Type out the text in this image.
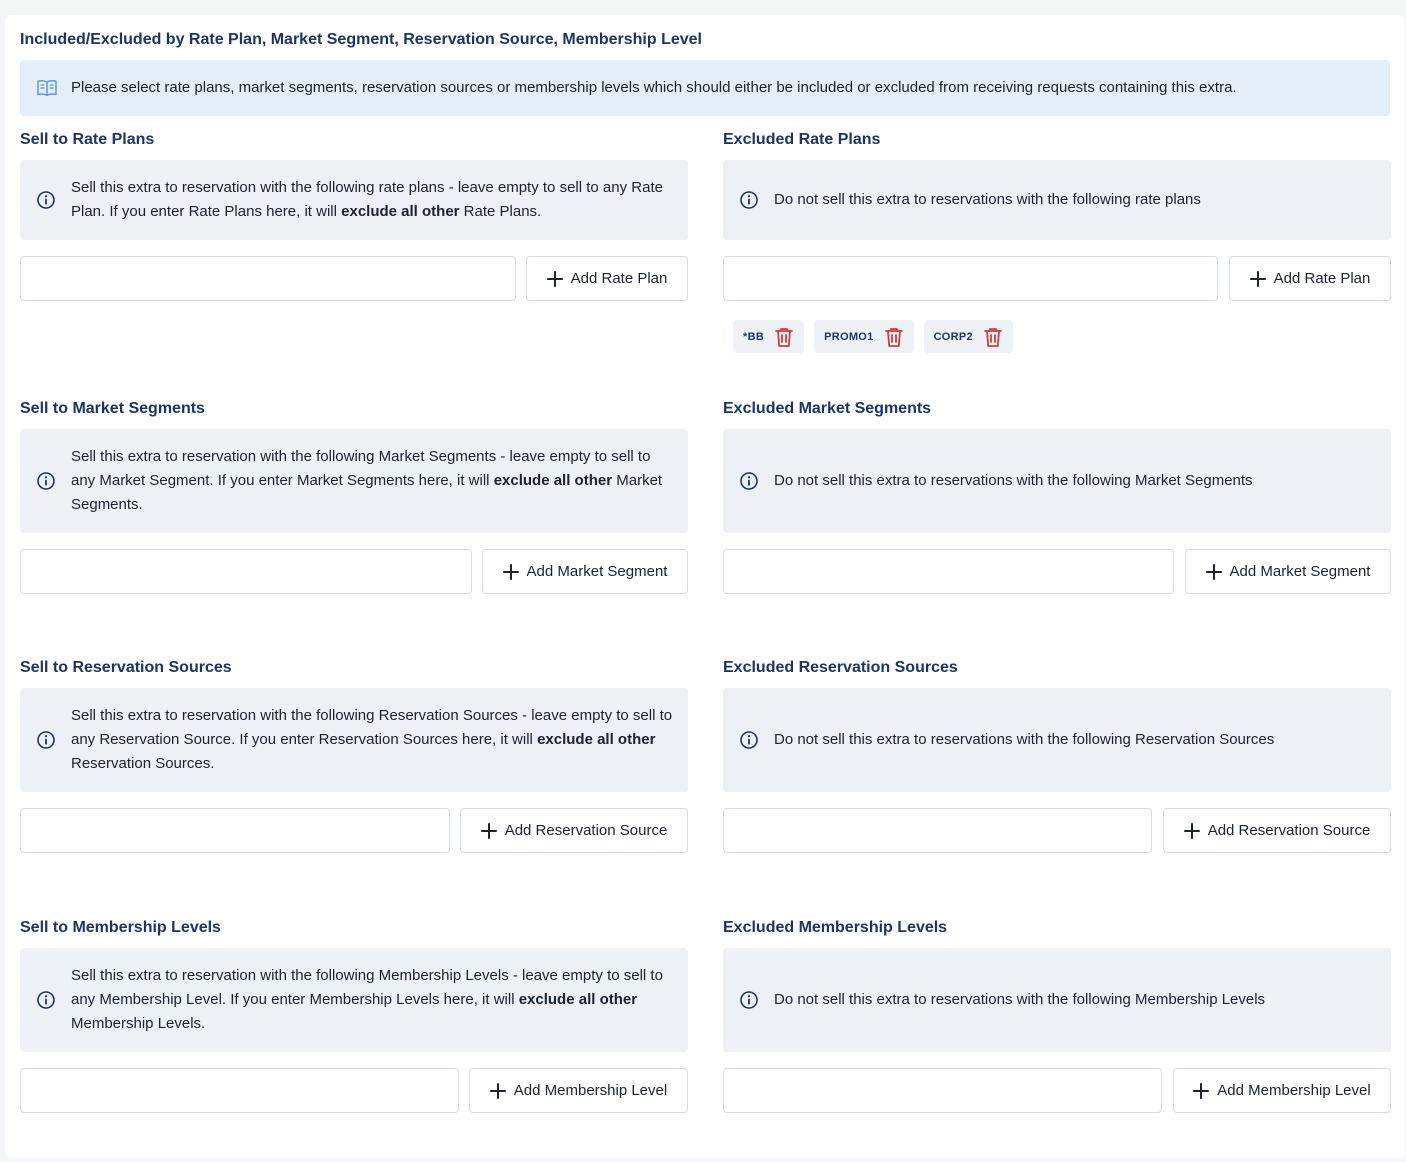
Included/Excluded by Rate Plan, Market Segment, Reservation Source, Membership Level
Please select rate plans, market segments, reservation sources or membership levels which should either be included or excluded from receiving requests containing this extra.
Sell to Rate Plans
Sell this extra to reservation with the following rate plans - leave empty to sell to any Rate Plan. If you enter Rate Plans here, it will exclude all other Rate Plans.
Add Rate Plan
Excluded Rate Plans
Do not sell this extra to reservations with the following rate plans
Add Rate Plan
*BB	PROMO1	CORP2
Sell to Market Segments
Sell this extra to reservation with the following Market Segments - leave empty to sell to any Market Segment. If you enter Market Segments here, it will exclude all other Market Segments.
Add Market Segment
Excluded Market Segments
Do not sell this extra to reservations with the following Market Segments
Add Market Segment
Sell to Reservation Sources
Sell this extra to reservation with the following Reservation Sources - leave empty to sell to any Reservation Source. If you enter Reservation Sources here, it will exclude all other Reservation Sources.
Add Reservation Source
Excluded Reservation Sources
Do not sell this extra to reservations with the following Reservation Sources
Add Reservation Source
Sell to Membership Levels
Sell this extra to reservation with the following Membership Levels - leave empty to sell to any Membership Level. If you enter Membership Levels here, it will exclude all other Membership Levels.
Add Membership Level
Excluded Membership Levels
Do not sell this extra to reservations with the following Membership Levels
Add Membership Level
